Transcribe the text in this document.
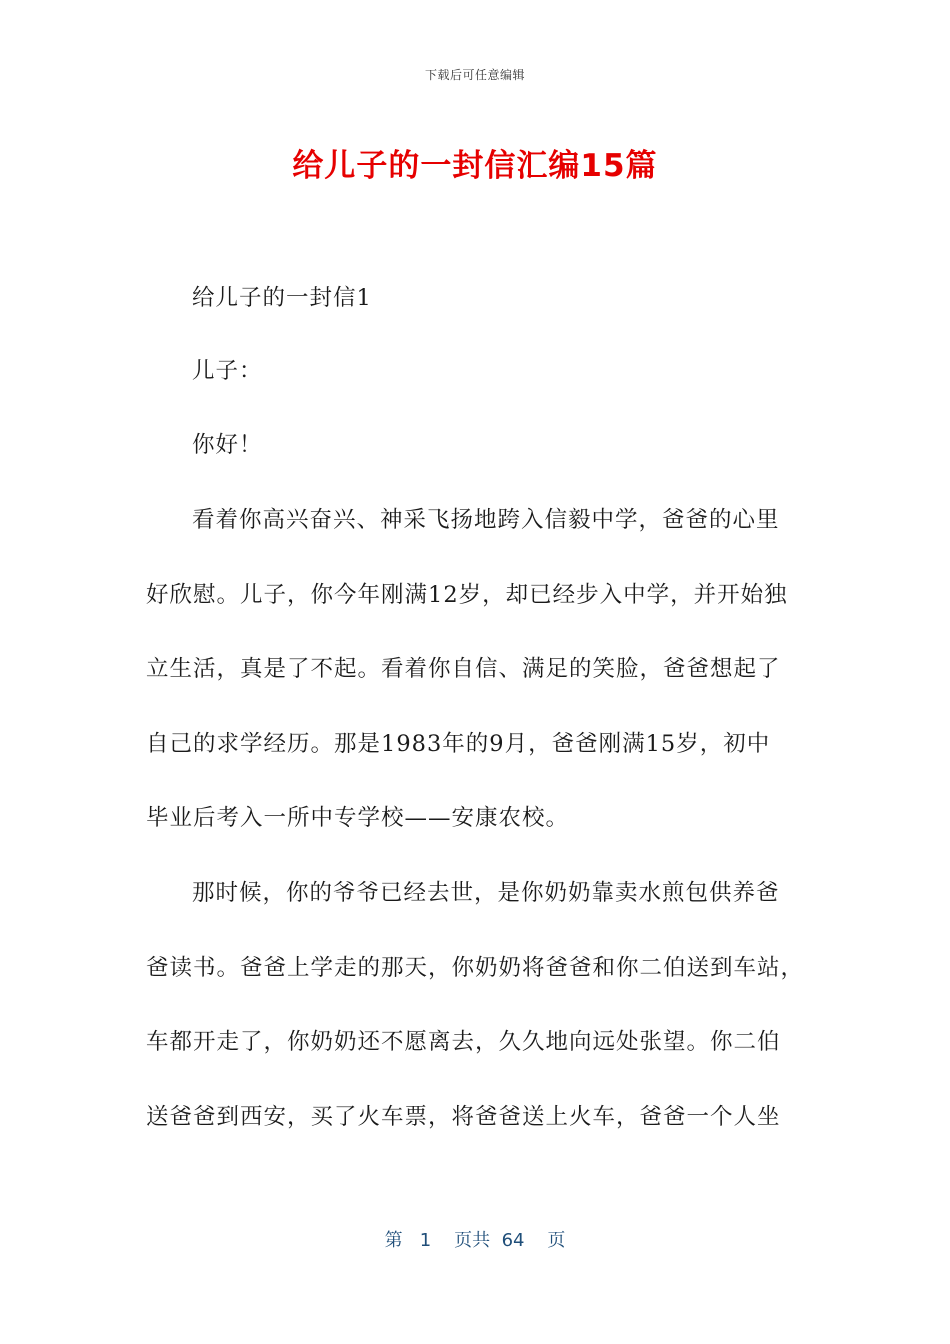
下载后可任意编辑
给儿子的一封信汇编15篇
给儿子的一封信1
儿子：
你好！
看着你高兴奋兴、神采飞扬地跨入信毅中学，爸爸的心里
好欣慰。儿子，你今年刚满12岁，却已经步入中学，并开始独
立生活，真是了不起。看着你自信、满足的笑脸，爸爸想起了
自己的求学经历。那是1983年的9月，爸爸刚满15岁，初中
毕业后考入一所中专学校——安康农校。
那时候，你的爷爷已经去世，是你奶奶靠卖水煎包供养爸
爸读书。爸爸上学走的那天，你奶奶将爸爸和你二伯送到车站，
车都开走了，你奶奶还不愿离去，久久地向远处张望。你二伯
送爸爸到西安，买了火车票，将爸爸送上火车，爸爸一个人坐
第 1 页共 64 页
